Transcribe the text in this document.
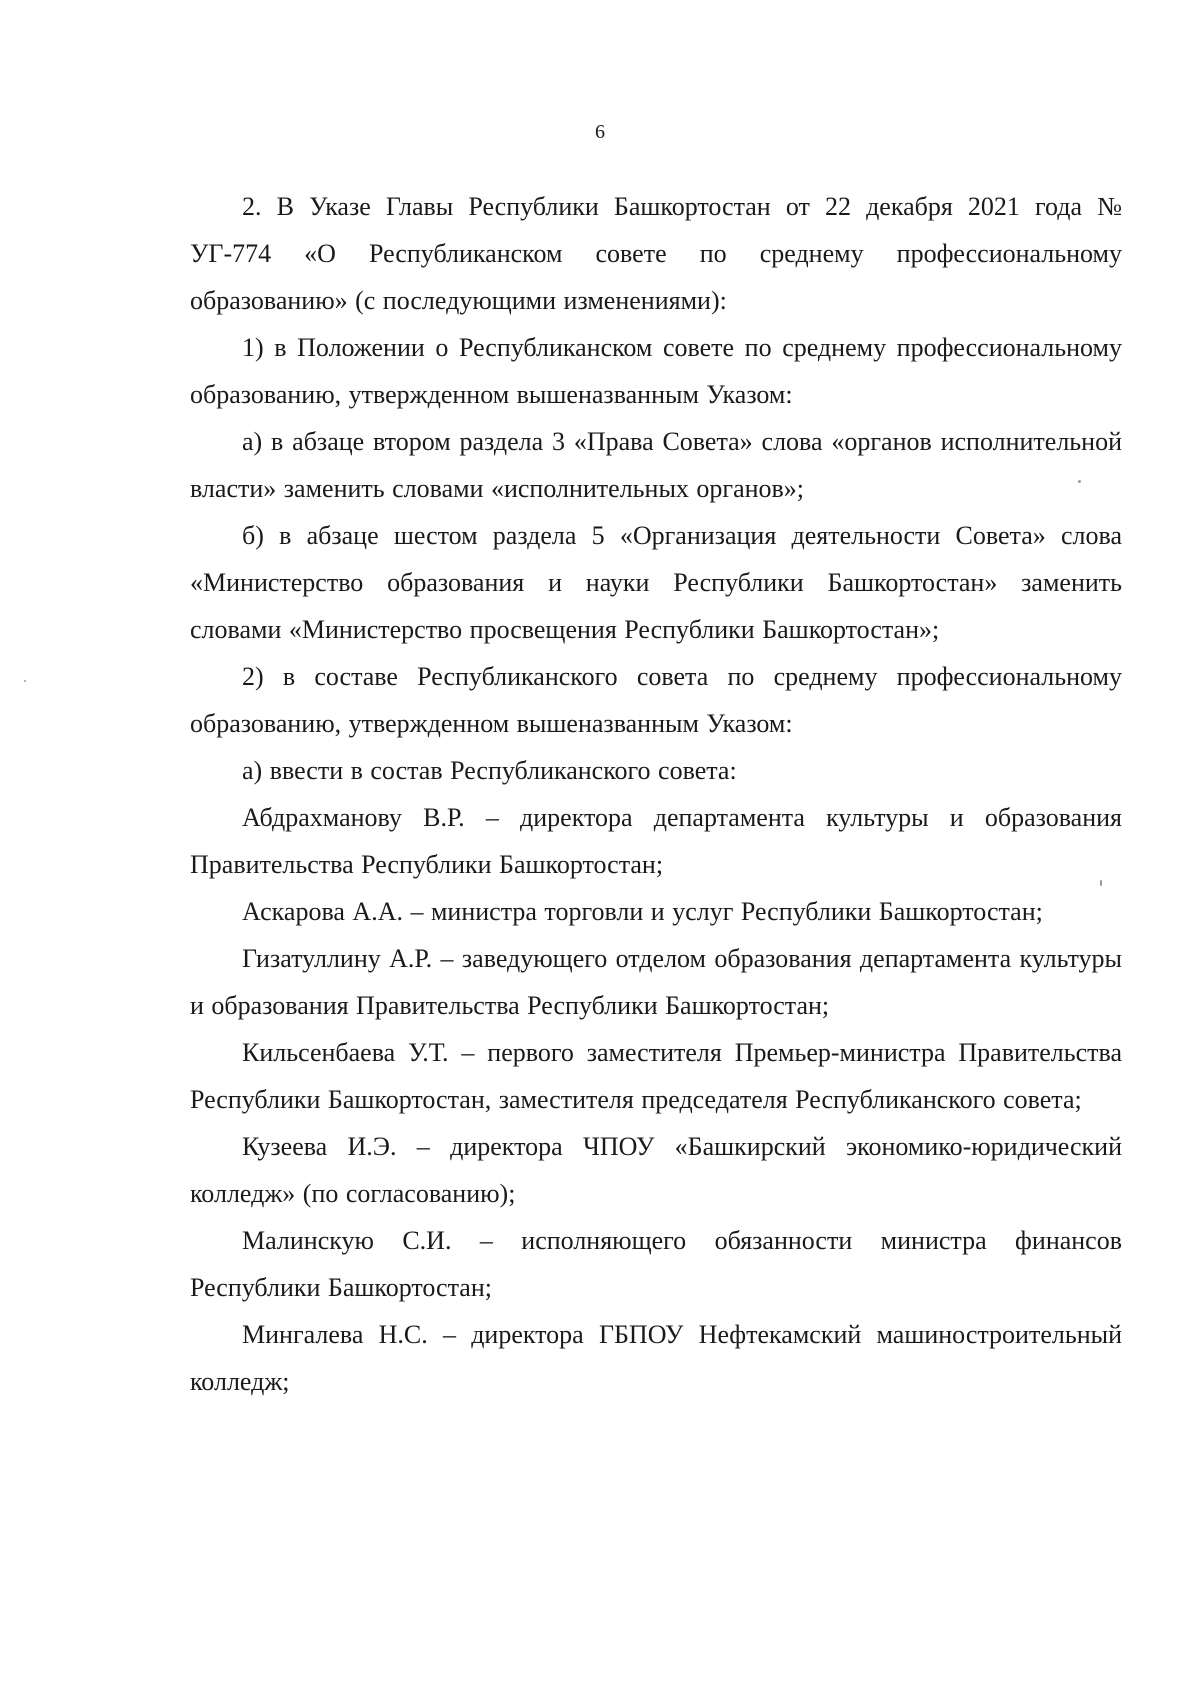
6

2. В Указе Главы Республики Башкортостан от 22 декабря 2021 года № УГ-774 «О Республиканском совете по среднему профессиональному образованию» (с последующими изменениями):

1) в Положении о Республиканском совете по среднему профессиональному образованию, утвержденном вышеназванным Указом:

а) в абзаце втором раздела 3 «Права Совета» слова «органов исполнительной власти» заменить словами «исполнительных органов»;

б) в абзаце шестом раздела 5 «Организация деятельности Совета» слова «Министерство образования и науки Республики Башкортостан» заменить словами «Министерство просвещения Республики Башкортостан»;

2) в составе Республиканского совета по среднему профессиональному образованию, утвержденном вышеназванным Указом:

а) ввести в состав Республиканского совета:

Абдрахманову В.Р. – директора департамента культуры и образования Правительства Республики Башкортостан;

Аскарова А.А. – министра торговли и услуг Республики Башкортостан;

Гизатуллину А.Р. – заведующего отделом образования департамента культуры и образования Правительства Республики Башкортостан;

Кильсенбаева У.Т. – первого заместителя Премьер-министра Правительства Республики Башкортостан, заместителя председателя Республиканского совета;

Кузеева И.Э. – директора ЧПОУ «Башкирский экономико-юридический колледж» (по согласованию);

Малинскую С.И. – исполняющего обязанности министра финансов Республики Башкортостан;

Мингалева Н.С. – директора ГБПОУ Нефтекамский машиностроительный колледж;
